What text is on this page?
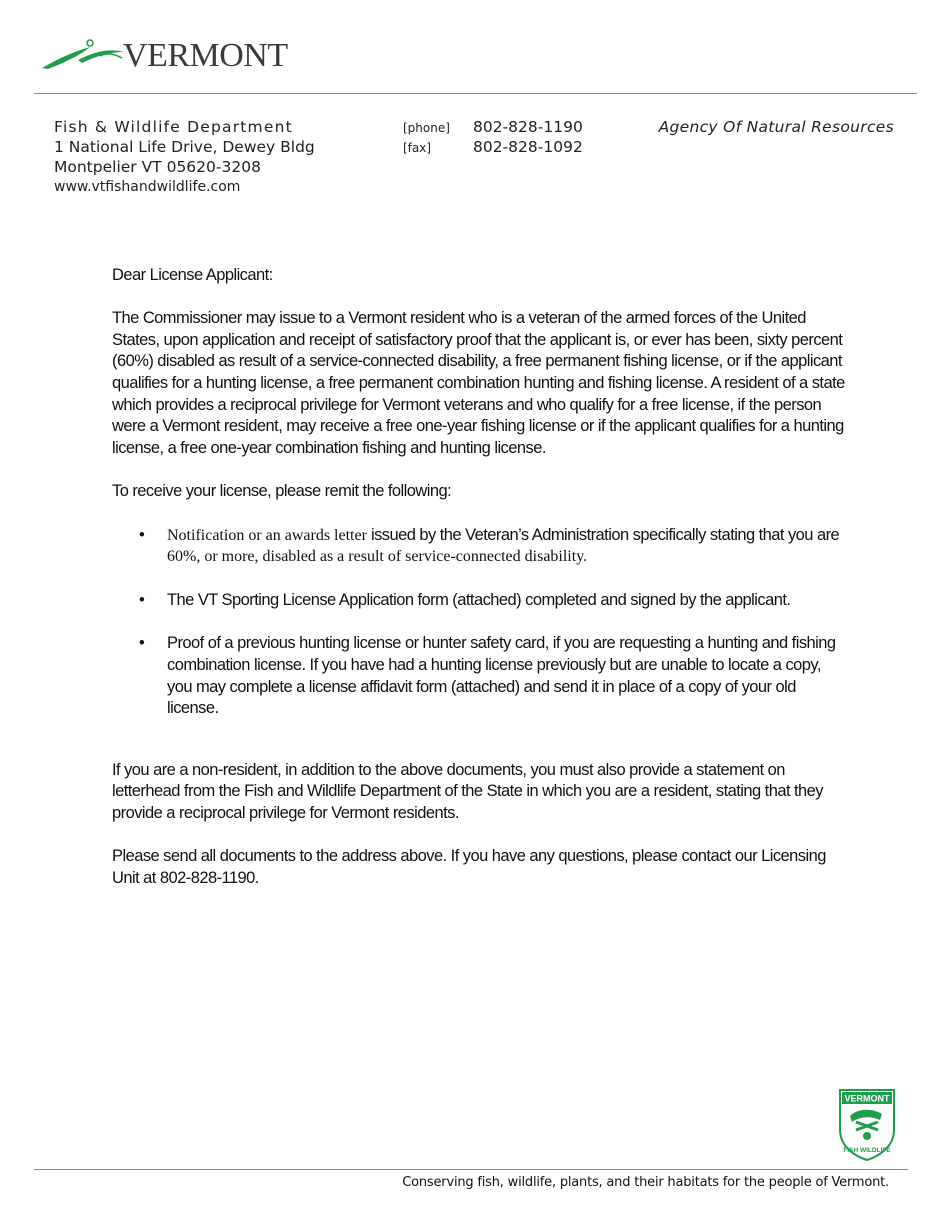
VERMONT
Fish & Wildlife Department
1 National Life Drive, Dewey Bldg
Montpelier VT 05620-3208
www.vtfishandwildlife.com
[phone] 802-828-1190
[fax]	802-828-1092
Agency Of Natural Resources

Dear License Applicant:

The Commissioner may issue to a Vermont resident who is a veteran of the armed forces of the United States, upon application and receipt of satisfactory proof that the applicant is, or ever has been, sixty percent (60%) disabled as result of a service-connected disability, a free permanent fishing license, or if the applicant qualifies for a hunting license, a free permanent combination hunting and fishing license. A resident of a state which provides a reciprocal privilege for Vermont veterans and who qualify for a free license, if the person were a Vermont resident, may receive a free one-year fishing license or if the applicant qualifies for a hunting license, a free one-year combination fishing and hunting license.

To receive your license, please remit the following:

• Notification or an awards letter issued by the Veteran’s Administration specifically stating that you are 60%, or more, disabled as a result of service-connected disability.
• The VT Sporting License Application form (attached) completed and signed by the applicant.
• Proof of a previous hunting license or hunter safety card, if you are requesting a hunting and fishing combination license. If you have had a hunting license previously but are unable to locate a copy, you may complete a license affidavit form (attached) and send it in place of a copy of your old license.

If you are a non-resident, in addition to the above documents, you must also provide a statement on letterhead from the Fish and Wildlife Department of the State in which you are a resident, stating that they provide a reciprocal privilege for Vermont residents.

Please send all documents to the address above. If you have any questions, please contact our Licensing Unit at 802-828-1190.

VERMONT
FISH WILDLIFE
Conserving fish, wildlife, plants, and their habitats for the people of Vermont.
